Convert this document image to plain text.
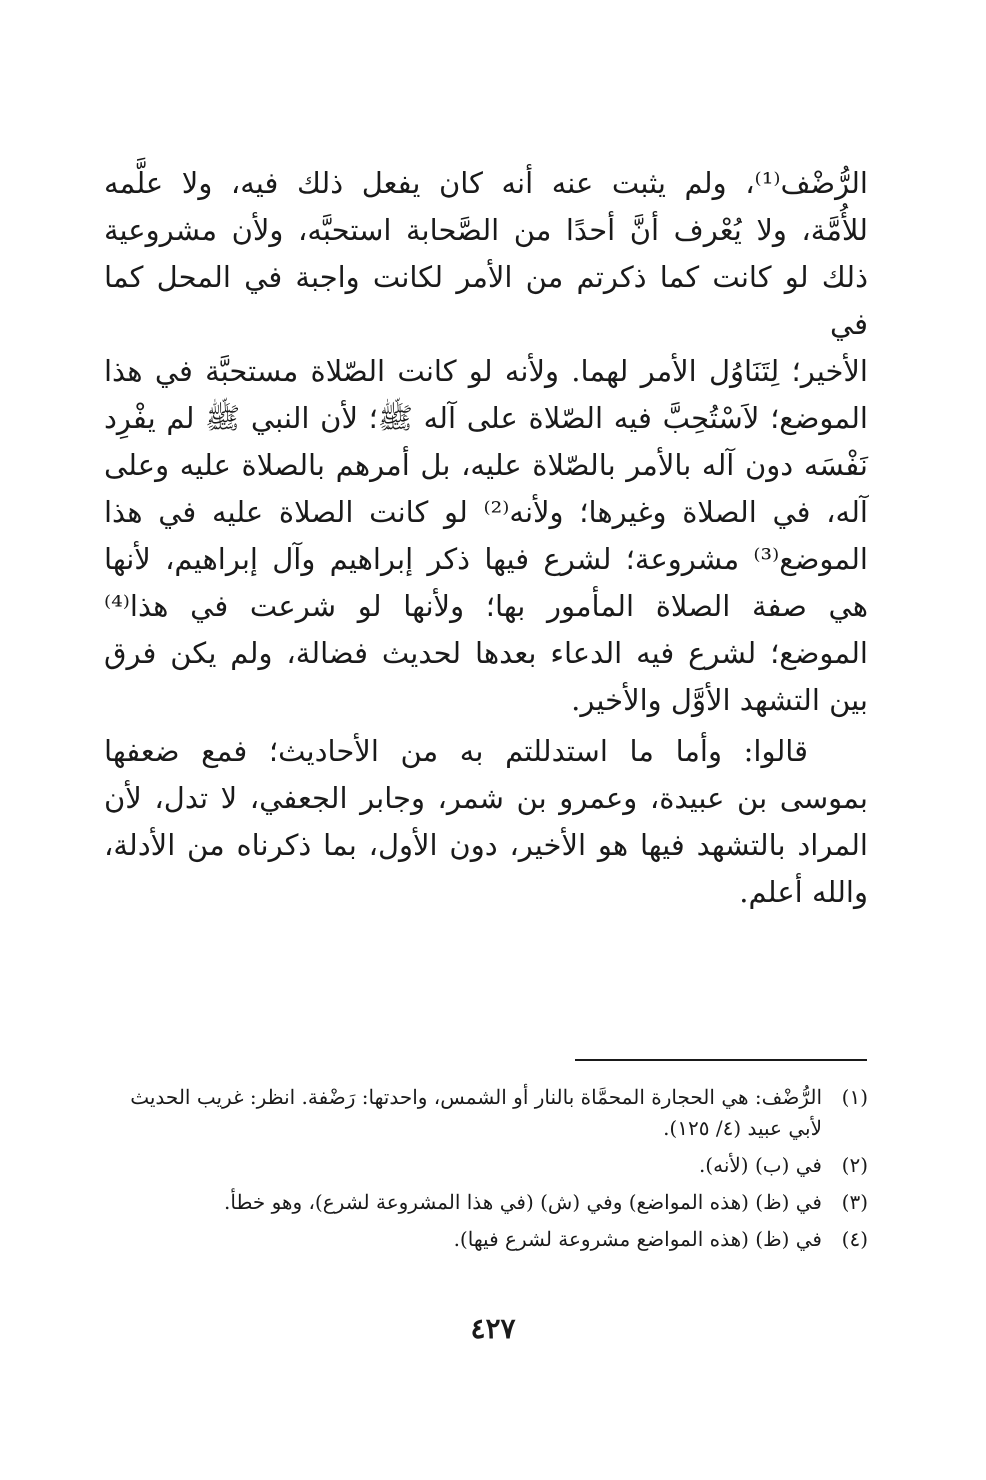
الرُّضْف⁽¹⁾، ولم يثبت عنه أنه كان يفعل ذلك فيه، ولا علَّمه
للأُمَّة، ولا يُعْرف أنَّ أحدًا من الصَّحابة استحبَّه، ولأن مشروعية
ذلك لو كانت كما ذكرتم من الأمر لكانت واجبة في المحل كما في
الأخير؛ لِتَنَاوُل الأمر لهما. ولأنه لو كانت الصّلاة مستحبَّة في هذا
الموضع؛ لاَسْتُحِبَّ فيه الصّلاة على آله ﷺ؛ لأن النبي ﷺ لم يفْرِد
نَفْسَه دون آله بالأمر بالصّلاة عليه، بل أمرهم بالصلاة عليه وعلى
آله، في الصلاة وغيرها؛ ولأنه⁽²⁾ لو كانت الصلاة عليه في هذا
الموضع⁽³⁾ مشروعة؛ لشرع فيها ذكر إبراهيم وآل إبراهيم، لأنها
هي صفة الصلاة المأمور بها؛ ولأنها لو شرعت في هذا⁽⁴⁾
الموضع؛ لشرع فيه الدعاء بعدها لحديث فضالة، ولم يكن فرق
بين التشهد الأوَّل والأخير.

قالوا: وأما ما استدللتم به من الأحاديث؛ فمع ضعفها
بموسى بن عبيدة، وعمرو بن شمر، وجابر الجعفي، لا تدل، لأن
المراد بالتشهد فيها هو الأخير، دون الأول، بما ذكرناه من الأدلة،
والله أعلم.

(١)
الرُّضْف: هي الحجارة المحمَّاة بالنار أو الشمس، واحدتها: رَضْفة. انظر: غريب الحديث لأبي عبيد (٤/ ١٢٥).
(٢)
في (ب) (لأنه).
(٣)
في (ظ) (هذه المواضع) وفي (ش) (في هذا المشروعة لشرع)، وهو خطأ.
(٤)
في (ظ) (هذه المواضع مشروعة لشرع فيها).
٤٢٧
